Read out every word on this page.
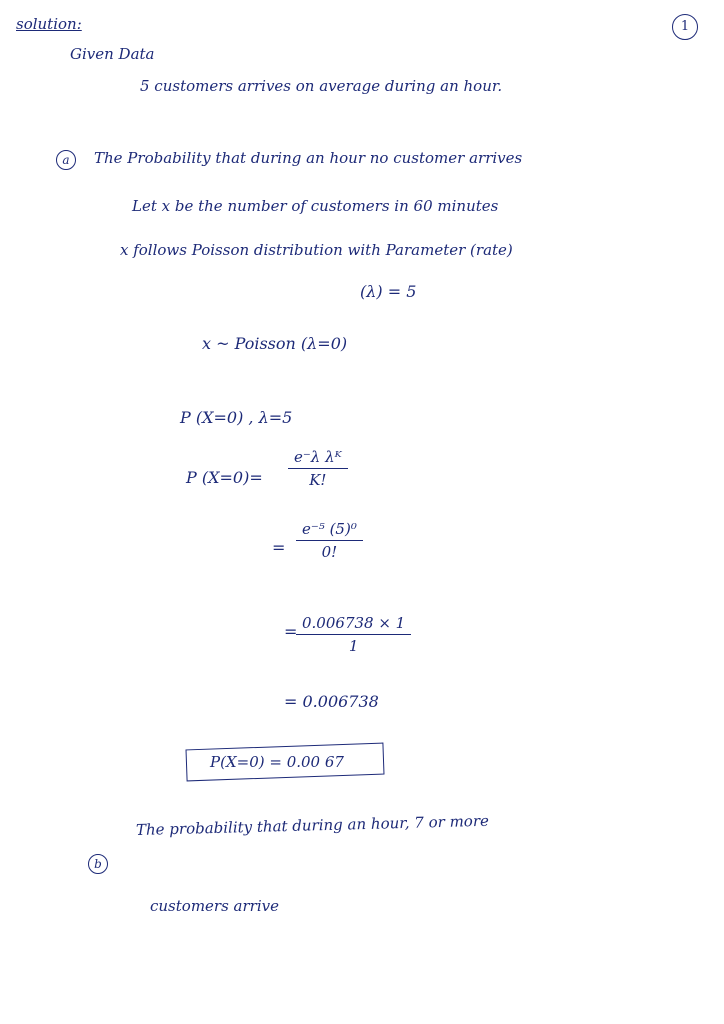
solution:	1
Given Data
5 customers arrives on average during an hour.
a	The Probability that during an hour no customer arrives
Let x be the number of customers in 60 minutes
x follows Poisson distribution with Parameter (rate)
(λ) = 5
x ~ Poisson (λ=0)
P (X=0) , λ=5
P (X=0)=
e⁻λ λᴷ
K!
=
e⁻⁵ (5)⁰
0!
= 0.006738 × 1
1
= 0.006738
P(X=0) = 0.00 67
b
The probability that during an hour, 7 or more
customers arrive
